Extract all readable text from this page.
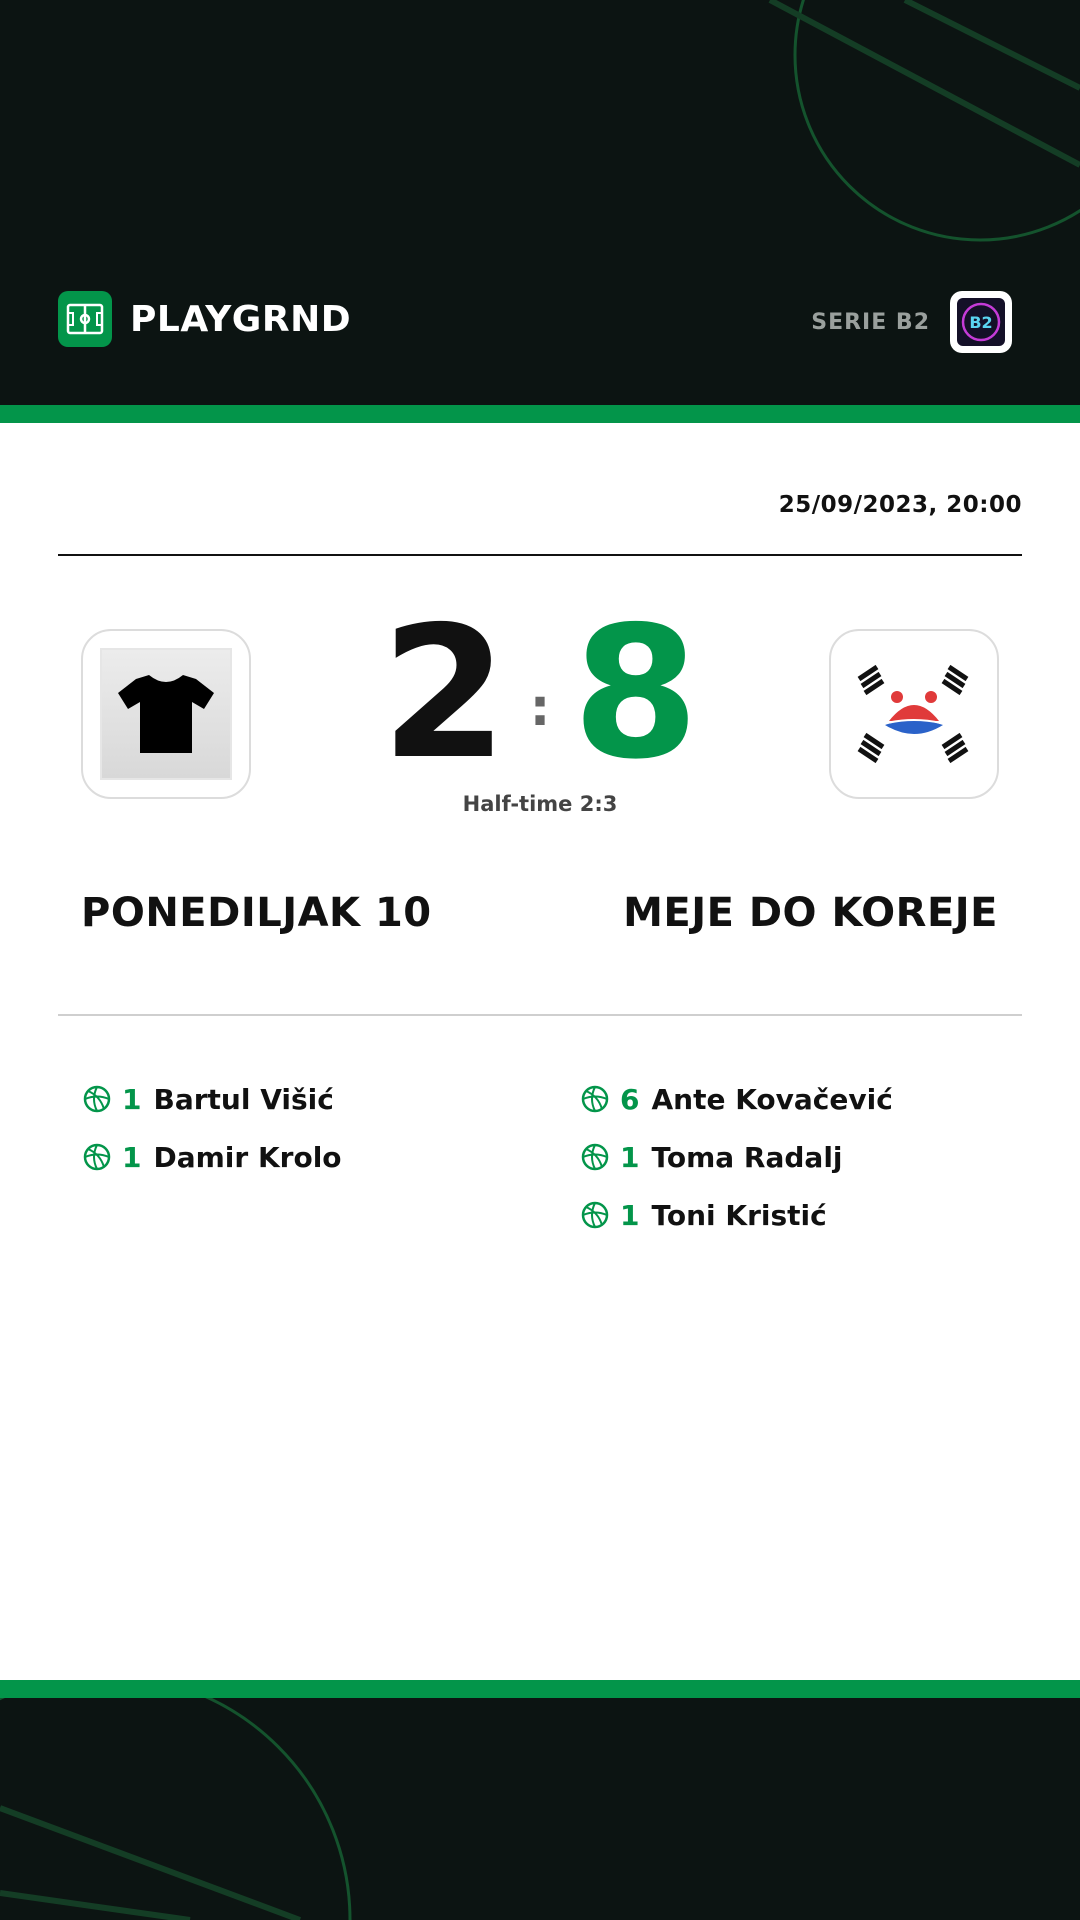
PLAYGRND	SERIE B2 B2
25/09/2023, 20:00
2 : 8
Half-time 2:3
PONEDILJAK 10	MEJE DO KOREJE
1 Bartul Višić
1 Damir Krolo
6 Ante Kovačević
1 Toma Radalj
1 Toni Kristić
